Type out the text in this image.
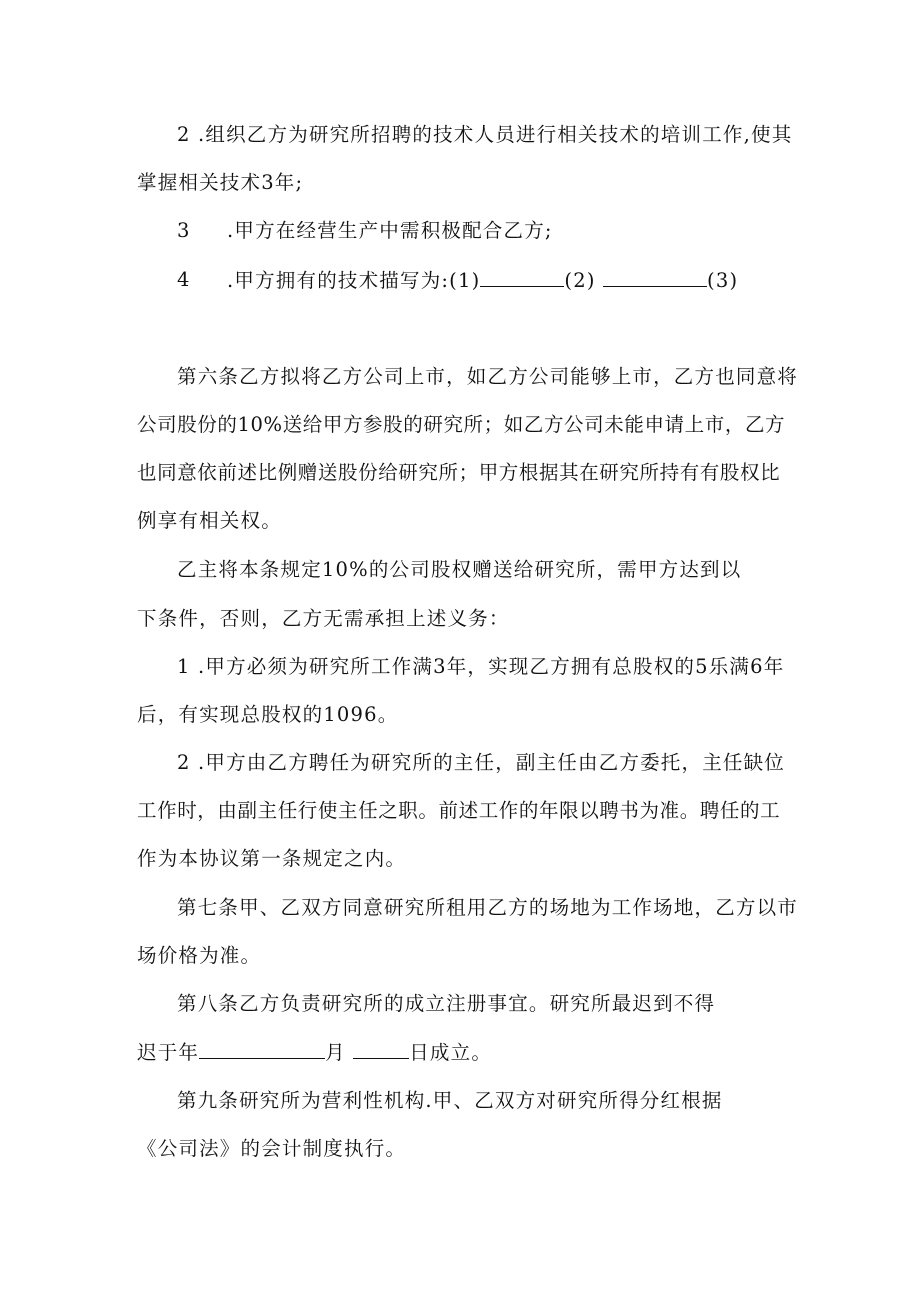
2 .组织乙方为研究所招聘的技术人员进行相关技术的培训工作,使其
掌握相关技术3年;
3 .甲方在经营生产中需积极配合乙方;
4 .甲方拥有的技术描写为:(1)	(2)	(3)
第六条乙方拟将乙方公司上市，如乙方公司能够上市，乙方也同意将
公司股份的10%送给甲方参股的研究所；如乙方公司未能申请上市，乙方
也同意依前述比例赠送股份给研究所；甲方根据其在研究所持有有股权比
例享有相关权。
乙主将本条规定10%的公司股权赠送给研究所，需甲方达到以
下条件，否则，乙方无需承担上述义务：
1 .甲方必须为研究所工作满3年，实现乙方拥有总股权的5乐满6年
后，有实现总股权的1096。
2 .甲方由乙方聘任为研究所的主任，副主任由乙方委托，主任缺位
工作时，由副主任行使主任之职。前述工作的年限以聘书为准。聘任的工
作为本协议第一条规定之内。
第七条甲、乙双方同意研究所租用乙方的场地为工作场地，乙方以市
场价格为准。
第八条乙方负责研究所的成立注册事宜。研究所最迟到不得
迟于年	月	日成立。
第九条研究所为营利性机构.甲、乙双方对研究所得分红根据
《公司法》的会计制度执行。
